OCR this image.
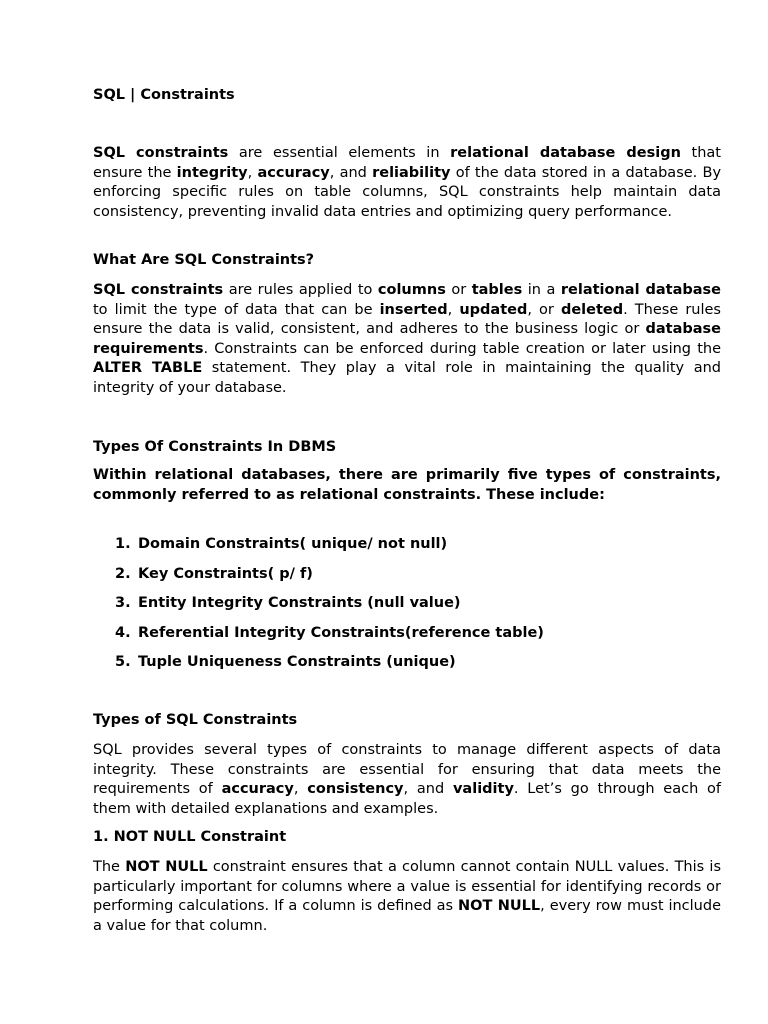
SQL | Constraints

SQL constraints are essential elements in relational database design that ensure the integrity, accuracy, and reliability of the data stored in a database. By enforcing specific rules on table columns, SQL constraints help maintain data consistency, preventing invalid data entries and optimizing query performance.

What Are SQL Constraints?

SQL constraints are rules applied to columns or tables in a relational database to limit the type of data that can be inserted, updated, or deleted. These rules ensure the data is valid, consistent, and adheres to the business logic or database requirements. Constraints can be enforced during table creation or later using the ALTER TABLE statement. They play a vital role in maintaining the quality and integrity of your database.

Types Of Constraints In DBMS

Within relational databases, there are primarily five types of constraints, commonly referred to as relational constraints. These include:

1. Domain Constraints( unique/ not null)
2. Key Constraints( p/ f)
3. Entity Integrity Constraints (null value)
4. Referential Integrity Constraints(reference table)
5. Tuple Uniqueness Constraints (unique)
Types of SQL Constraints

SQL provides several types of constraints to manage different aspects of data integrity. These constraints are essential for ensuring that data meets the requirements of accuracy, consistency, and validity. Let’s go through each of them with detailed explanations and examples.

1. NOT NULL Constraint

The NOT NULL constraint ensures that a column cannot contain NULL values. This is particularly important for columns where a value is essential for identifying records or performing calculations. If a column is defined as NOT NULL, every row must include a value for that column.
